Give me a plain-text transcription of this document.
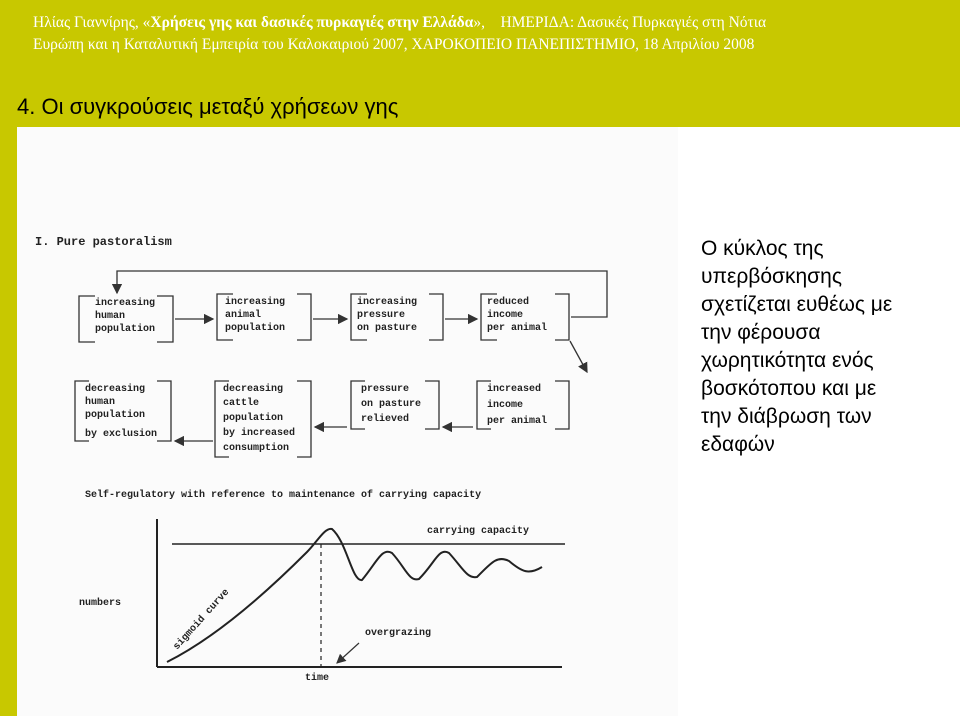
Ηλίας Γιαννίρης, «Χρήσεις γης και δασικές πυρκαγιές στην Ελλάδα», ΗΜΕΡΙΔΑ: Δασικές Πυρκαγιές στη Νότια
Ευρώπη και η Καταλυτική Εμπειρία του Καλοκαιριού 2007, ΧΑΡΟΚΟΠΕΙΟ ΠΑΝΕΠΙΣΤΗΜΙΟ, 18 Απριλίου 2008
4. Οι συγκρούσεις μεταξύ χρήσεων γης
I. Pure pastoralism
increasing
human
population
increasing
animal
population
increasing
pressure
on pasture
reduced
income
per animal
decreasing
human
population
by exclusion
decreasing
cattle
population
by increased
consumption
pressure
on pasture
relieved
increased
income
per animal
Self-regulatory with reference to maintenance of carrying capacity
carrying capacity
numbers	sigmoid curve	overgrazing
time
Ο κύκλος της
υπερβόσκησης
σχετίζεται ευθέως με
την φέρουσα
χωρητικότητα ενός
βοσκότοπου και με
την διάβρωση των
εδαφών
